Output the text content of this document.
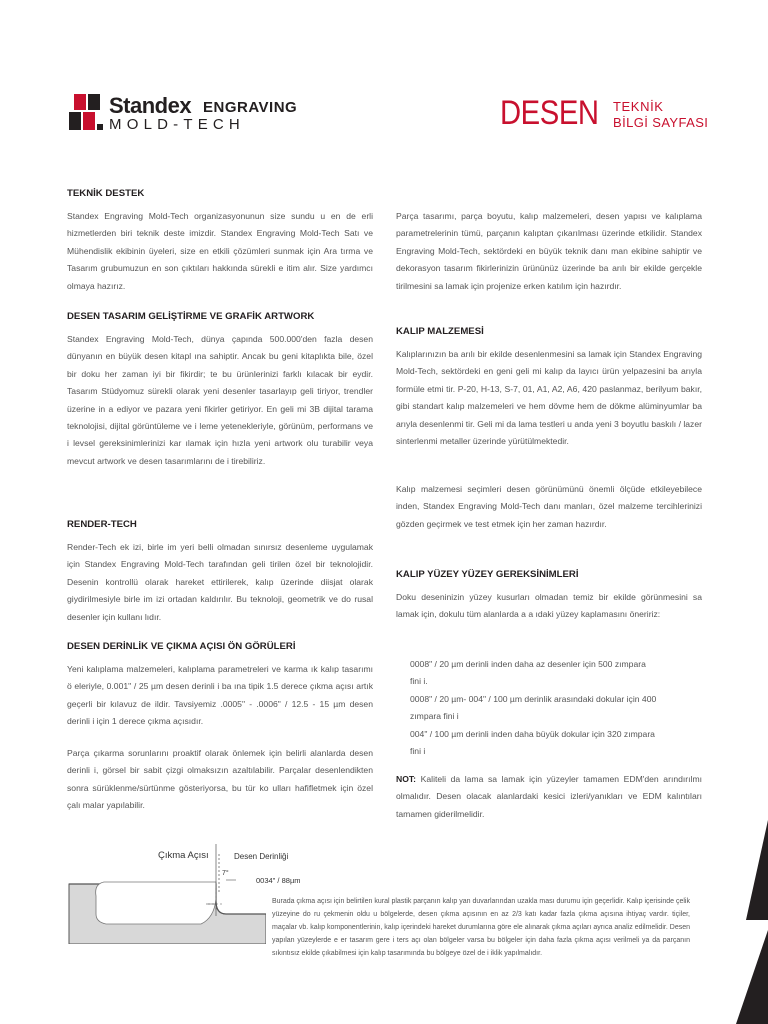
Standex ENGRAVING
MOLD-TECH	DESEN TEKNİK
BİLGİ SAYFASI
TEKNİK DESTEK

Standex Engraving Mold-Tech organizasyonunun size sundu u en de erli hizmetlerden biri teknik deste imizdir. Standex Engraving Mold-Tech Satı ve Mühendislik ekibinin üyeleri, size en etkili çözümleri sunmak için Ara tırma ve Tasarım grubumuzun en son çıktıları hakkında sürekli e itim alır. Size yardımcı olmaya hazırız.

DESEN TASARIM GELİŞTİRME VE GRAFİK ARTWORK

Standex Engraving Mold-Tech, dünya çapında 500.000'den fazla desen dünyanın en büyük desen kitapl ına sahiptir. Ancak bu geni kitaplıkta bile, özel bir doku her zaman iyi bir fikirdir; te bu ürünlerinizi farklı kılacak bir eydir. Tasarım Stüdyomuz sürekli olarak yeni desenler tasarlayıp geli tiriyor, trendler üzerine in a ediyor ve pazara yeni fikirler getiriyor. En geli mi 3B dijital tarama teknolojisi, dijital görüntüleme ve i leme yetenekleriyle, görünüm, performans ve i levsel gereksinimlerinizi kar ılamak için hızla yeni artwork olu turabilir veya mevcut artwork ve desen tasarımlarını de i tirebiliriz.

RENDER-TECH

Render-Tech ek izi, birle im yeri belli olmadan sınırsız desenleme uygulamak için Standex Engraving Mold-Tech tarafından geli tirilen özel bir teknolojidir. Desenin kontrollü olarak hareket ettirilerek, kalıp üzerinde diisjat olarak giydirilmesiyle birle im izi ortadan kaldırılır. Bu teknoloji, geometrik ve do rusal desenler için kullanı lıdır.

DESEN DERİNLİK VE ÇIKMA AÇISI ÖN GÖRÜLERİ

Yeni kalıplama malzemeleri, kalıplama parametreleri ve karma ık kalıp tasarımı ö eleriyle, 0.001" / 25 µm desen derinli i ba ına tipik 1.5 derece çıkma açısı artık geçerli bir kılavuz de ildir. Tavsiyemiz .0005" - .0006" / 12.5 - 15 µm desen derinli i için 1 derece çıkma açısıdır.

Parça çıkarma sorunlarını proaktif olarak önlemek için belirli alanlarda desen derinli i, görsel bir sabit çizgi olmaksızın azaltılabilir. Parçalar desenlendikten sonra sürüklenme/sürtünme gösteriyorsa, bu tür ko ulları hafifletmek için özel çalı malar yapılabilir.

Parça tasarımı, parça boyutu, kalıp malzemeleri, desen yapısı ve kalıplama parametrelerinin tümü, parçanın kalıptan çıkarılması üzerinde etkilidir. Standex Engraving Mold-Tech, sektördeki en büyük teknik danı man ekibine sahiptir ve dekorasyon tasarım fikirlerinizin ürününüz üzerinde ba arılı bir ekilde gerçekle tirilmesini sa lamak için projenize erken katılım için hazırdır.

KALIP MALZEMESİ

Kalıplarınızın ba arılı bir ekilde desenlenmesini sa lamak için Standex Engraving Mold-Tech, sektördeki en geni geli mi kalıp da layıcı ürün yelpazesini ba arıyla formüle etmi tir. P-20, H-13, S-7, 01, A1, A2, A6, 420 paslanmaz, berilyum bakır, gibi standart kalıp malzemeleri ve hem dövme hem de dökme alüminyumlar ba arıyla desenlenmi tir. Geli mi da lama testleri u anda yeni 3 boyutlu baskılı / lazer sinterlenmi metaller üzerinde yürütülmektedir.

Kalıp malzemesi seçimleri desen görünümünü önemli ölçüde etkileyebilece inden, Standex Engraving Mold-Tech danı manları, özel malzeme tercihlerinizi gözden geçirmek ve test etmek için her zaman hazırdır.

KALIP YÜZEY YÜZEY GEREKSİNİMLERİ

Doku deseninizin yüzey kusurları olmadan temiz bir ekilde görünmesini sa lamak için, dokulu tüm alanlarda a a ıdaki yüzey kaplamasını öneririz:

0008" / 20 µm derinli inden daha az desenler için 500 zımpara
fini i.
0008" / 20 µm- 004" / 100 µm derinlik arasındaki dokular için 400
zımpara fini i
004" / 100 µm derinli inden daha büyük dokular için 320 zımpara
fini i

NOT: Kaliteli da lama sa lamak için yüzeyler tamamen EDM'den arındırılmı olmalıdır. Desen olacak alanlardaki kesici izleri/yanıkları ve EDM kalıntıları tamamen giderilmelidir.

Çıkma Açısı	Desen Derinliği
7°
0034" / 88µm

Burada çıkma açısı için belirtilen kural plastik parçanın kalıp yan duvarlarından uzakla ması durumu için geçerlidir. Kalıp içerisinde çelik yüzeyine do ru çekmenin oldu u bölgelerde, desen çıkma açısının en az 2/3 katı kadar fazla çıkma açısına ihtiyaç vardır. tiçiler, maçalar vb. kalıp komponentlerinin, kalıp içerindeki hareket durumlarına göre ele alınarak çıkma açıları ayrıca analiz edilmelidir. Desen yapılan yüzeylerde e er tasarım gere i ters açı olan bölgeler varsa bu bölgeler için daha fazla çıkma açısı verilmeli ya da parçanın sıkıntısız ekilde çıkabilmesi için kalıp tasarımında bu bölgeye özel de i iklik yapılmalıdır.
